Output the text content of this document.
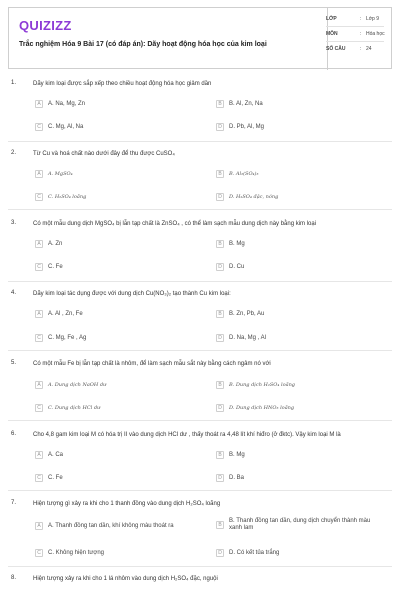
QUIZIZZ
Trắc nghiệm Hóa 9 Bài 17 (có đáp án): Dãy hoạt động hóa học của kim loại
LỚP	: Lớp 9
MÔN	: Hóa học
SỐ CÂU	: 24
1.	Dãy kim loại được sắp xếp theo chiều hoạt động hóa học giảm dần
A	A. Na, Mg, Zn	B	B. Al, Zn, Na
C	C. Mg, Al, Na	D	D. Pb, Al, Mg
2.	Từ Cu và hoá chất nào dưới đây để thu được CuSO₄
A	A. MgSO₄	B	B. Al₂(SO₄)₃
C	C. H₂SO₄ loãng	D	D. H₂SO₄ đặc, nóng
3.	Có một mẫu dung dịch MgSO₄ bị lẫn tạp chất là ZnSO₄ , có thể làm sạch mẫu dung dịch này bằng kim loại
A	A. Zn	B	B. Mg
C	C. Fe	D	D. Cu
4.	Dãy kim loại tác dụng được với dung dịch Cu(NO₃)₂ tạo thành Cu kim loại:
A	A. Al , Zn, Fe	B	B. Zn, Pb, Au
C	C. Mg, Fe , Ag	D	D. Na, Mg , Al
5.	Có một mẫu Fe bị lẫn tạp chất là nhôm, để làm sạch mẫu sắt này bằng cách ngâm nó với
A	A. Dung dịch NaOH dư	B	B. Dung dịch H₂SO₄ loãng
C	C. Dung dịch HCl dư	D	D. Dung dịch HNO₃ loãng
6.	Cho 4,8 gam kim loại M có hóa trị II vào dung dịch HCl dư , thấy thoát ra 4,48 lít khí hiđro (ở đktc). Vậy kim loại M là
A	A. Ca	B	B. Mg
C	C. Fe	D	D. Ba
7.	Hiện tượng gì xảy ra khi cho 1 thanh đồng vào dung dịch H₂SO₄ loãng
A	A. Thanh đồng tan dần, khí không màu thoát ra	B
B. Thanh đồng tan dần, dung dịch chuyển thành màu xanh lam
C	C. Không hiện tượng	D	D. Có kết tủa trắng
8.	Hiện tượng xảy ra khi cho 1 lá nhôm vào dung dịch H₂SO₄ đặc, nguội
